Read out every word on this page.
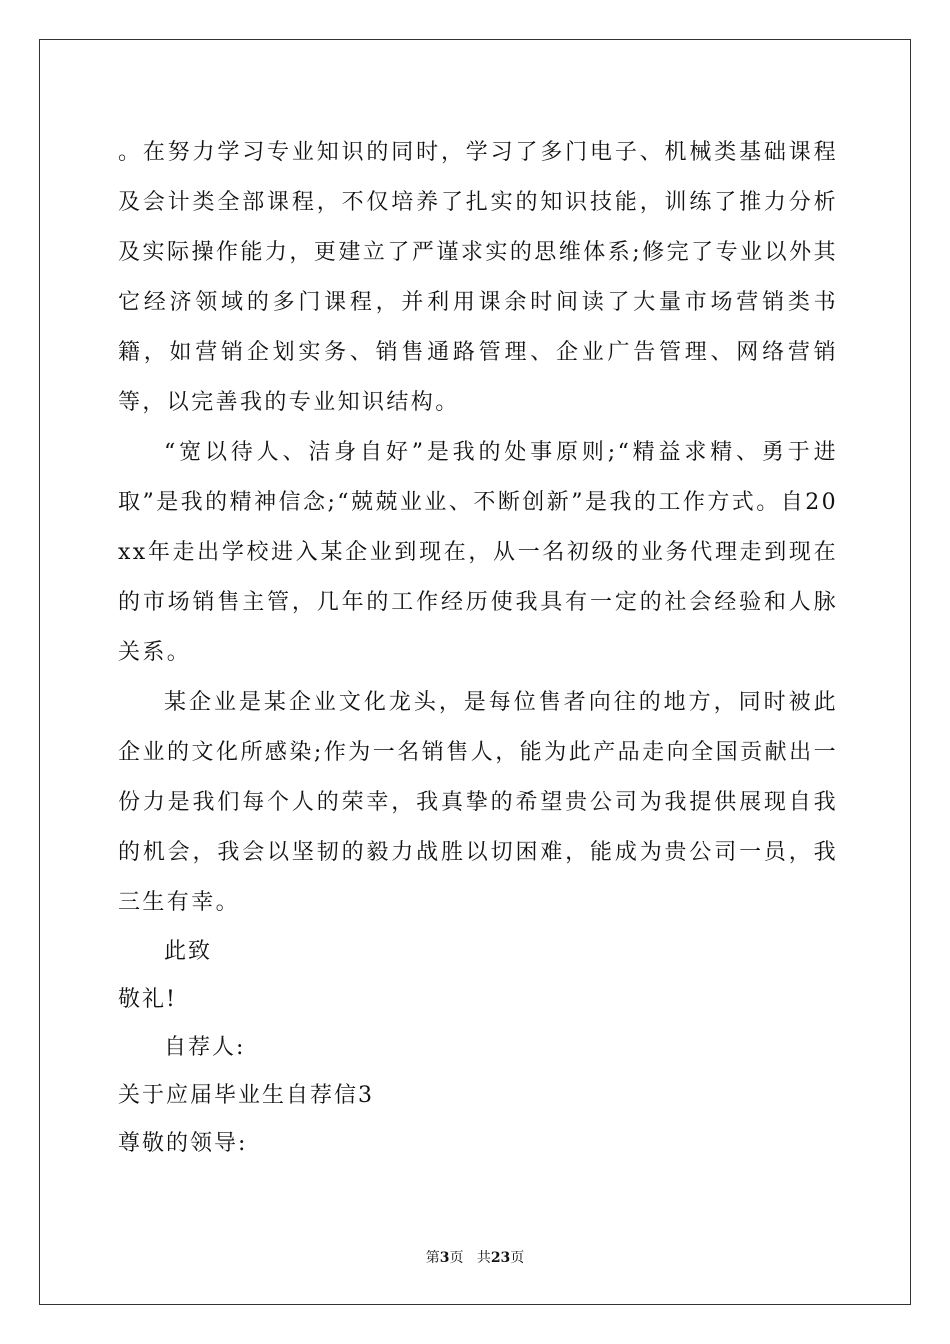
。在努力学习专业知识的同时，学习了多门电子、机械类基础课程及会计类全部课程，不仅培养了扎实的知识技能，训练了推力分析及实际操作能力，更建立了严谨求实的思维体系;修完了专业以外其它经济领域的多门课程，并利用课余时间读了大量市场营销类书籍，如营销企划实务、销售通路管理、企业广告管理、网络营销等，以完善我的专业知识结构。

“宽以待人、洁身自好”是我的处事原则;“精益求精、勇于进取”是我的精神信念;“兢兢业业、不断创新”是我的工作方式。自20xx年走出学校进入某企业到现在，从一名初级的业务代理走到现在的市场销售主管，几年的工作经历使我具有一定的社会经验和人脉关系。

某企业是某企业文化龙头，是每位售者向往的地方，同时被此企业的文化所感染;作为一名销售人，能为此产品走向全国贡献出一份力是我们每个人的荣幸，我真挚的希望贵公司为我提供展现自我的机会，我会以坚韧的毅力战胜以切困难，能成为贵公司一员，我三生有幸。

此致

敬礼!

自荐人:

关于应届毕业生自荐信3

尊敬的领导:

第3页 共23页
